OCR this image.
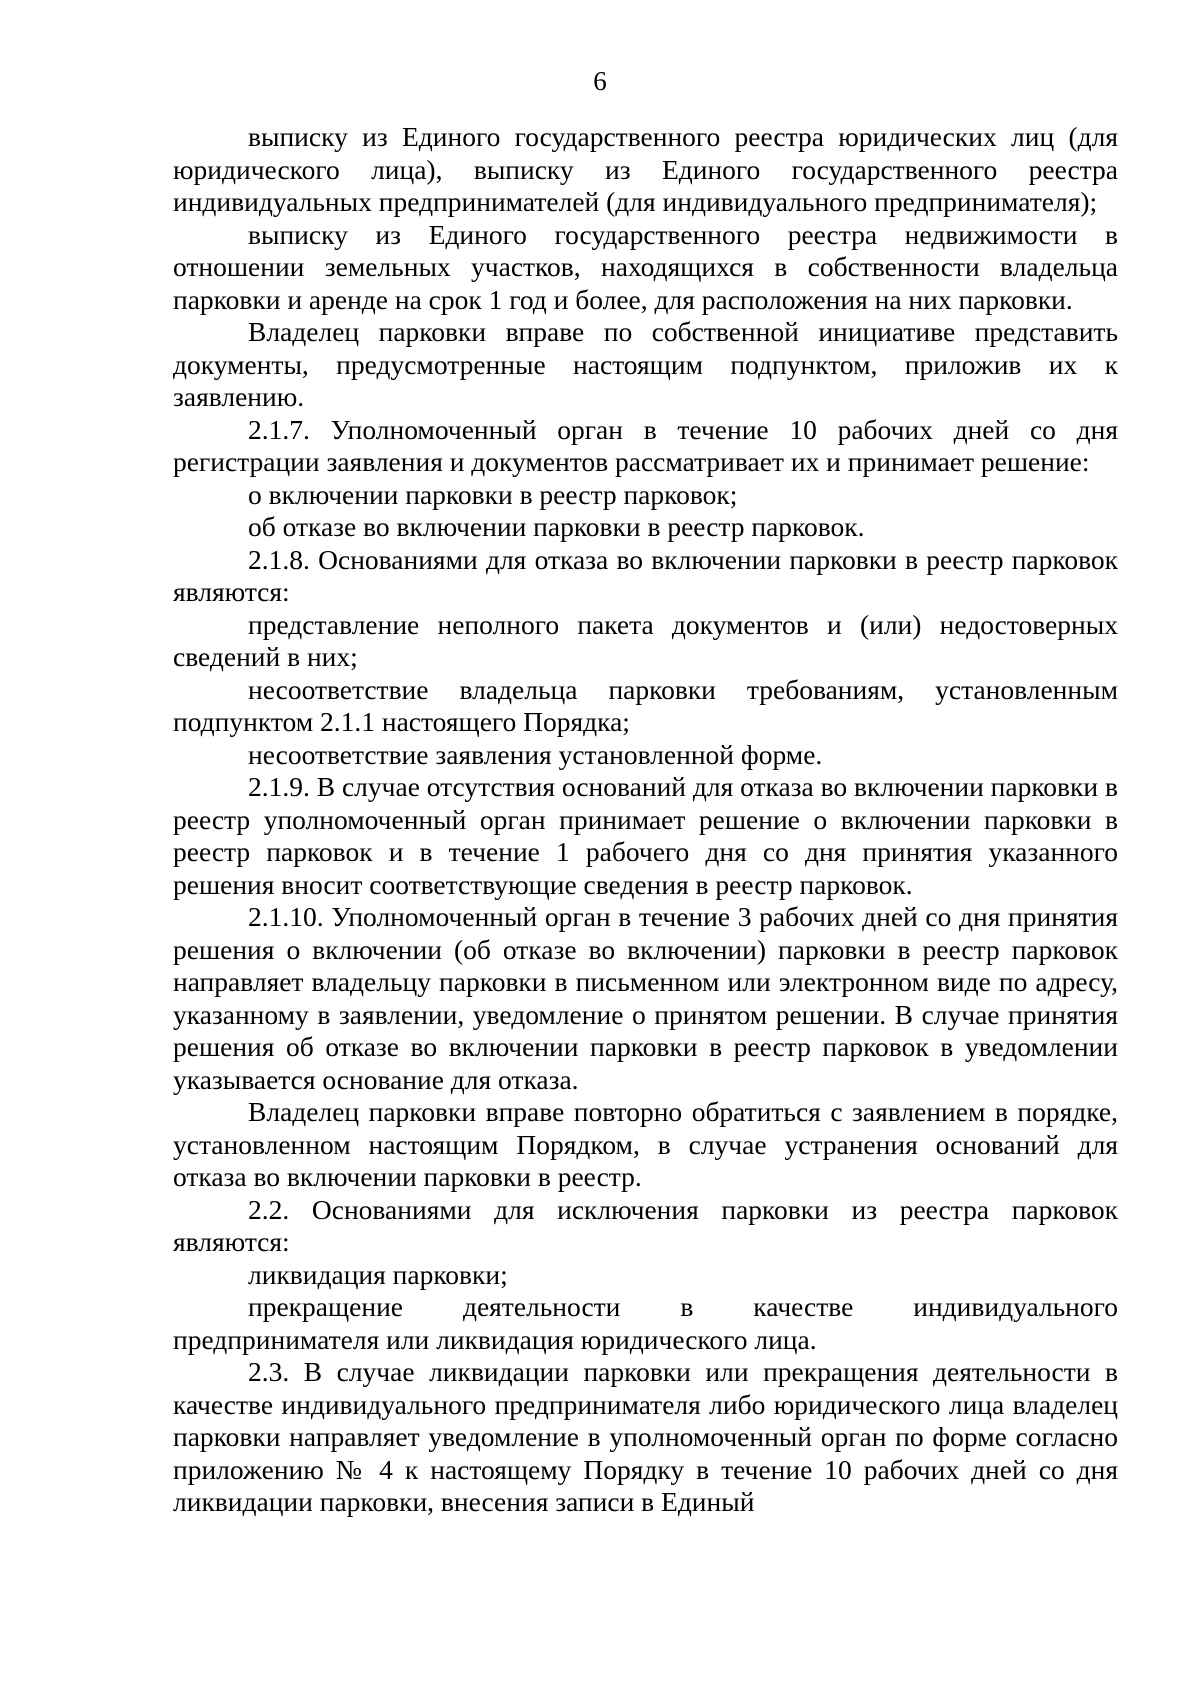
6

выписку из Единого государственного реестра юридических лиц (для юридического лица), выписку из Единого государственного реестра индивидуальных предпринимателей (для индивидуального предпринимателя);

выписку из Единого государственного реестра недвижимости в отношении земельных участков, находящихся в собственности владельца парковки и аренде на срок 1 год и более, для расположения на них парковки.

Владелец парковки вправе по собственной инициативе представить документы, предусмотренные настоящим подпунктом, приложив их к заявлению.

2.1.7. Уполномоченный орган в течение 10 рабочих дней со дня регистрации заявления и документов рассматривает их и принимает решение:

о включении парковки в реестр парковок;

об отказе во включении парковки в реестр парковок.

2.1.8. Основаниями для отказа во включении парковки в реестр парковок являются:

представление неполного пакета документов и (или) недостоверных сведений в них;

несоответствие владельца парковки требованиям, установленным подпунктом 2.1.1 настоящего Порядка;

несоответствие заявления установленной форме.

2.1.9. В случае отсутствия оснований для отказа во включении парковки в реестр уполномоченный орган принимает решение о включении парковки в реестр парковок и в течение 1 рабочего дня со дня принятия указанного решения вносит соответствующие сведения в реестр парковок.

2.1.10. Уполномоченный орган в течение 3 рабочих дней со дня принятия решения о включении (об отказе во включении) парковки в реестр парковок направляет владельцу парковки в письменном или электронном виде по адресу, указанному в заявлении, уведомление о принятом решении. В случае принятия решения об отказе во включении парковки в реестр парковок в уведомлении указывается основание для отказа.

Владелец парковки вправе повторно обратиться с заявлением в порядке, установленном настоящим Порядком, в случае устранения оснований для отказа во включении парковки в реестр.

2.2. Основаниями для исключения парковки из реестра парковок являются:

ликвидация парковки;

прекращение деятельности в качестве индивидуального предпринимателя или ликвидация юридического лица.

2.3. В случае ликвидации парковки или прекращения деятельности в качестве индивидуального предпринимателя либо юридического лица владелец парковки направляет уведомление в уполномоченный орган по форме согласно приложению № 4 к настоящему Порядку в течение 10 рабочих дней со дня ликвидации парковки, внесения записи в Единый
